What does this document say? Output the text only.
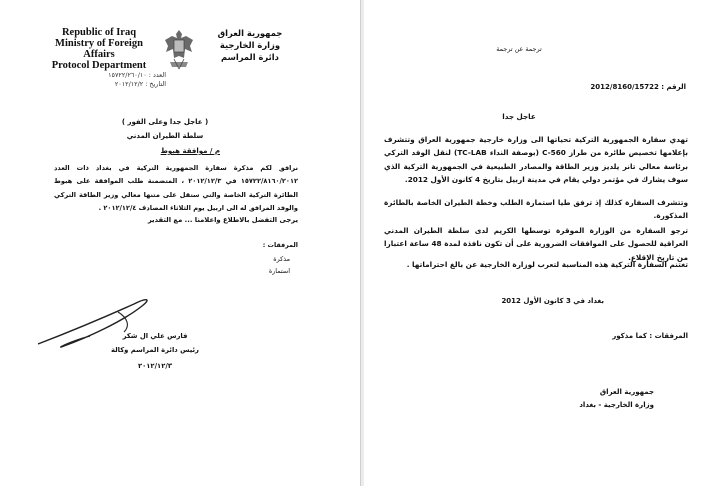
Republic of Iraq
Ministry of Foreign
Affairs
Protocol Department
العدد : ١٥٧٢٢/٢٦٠/١٠
التاريخ : ٢٠١٢/١٢/٢
جمهورية العراق
وزارة الخارجية
دائرة المراسم
( عاجل جدا وعلى الفور )
سلطة الطيران المدني
م / موافقة هبوط
نرافق لكم مذكرة سفارة الجمهورية التركية في بغداد ذات العدد ١٥٧٢٢/٨١٦٠/٢٠١٢ في ٢٠١٢/١٢/٣ ، المتضمنة طلب الموافقة على هبوط الطائرة التركية الخاصة والتي ستقل على متنها معالي وزير الطاقة التركي والوفد المرافق له الى اربيل يوم الثلاثاء المصادف ٢٠١٢/١٢/٤ .
يرجى التفضل بالاطلاع واعلامنا ... مع التقدير
المرفقات :
مذكرة
استمارة
فارس علي ال شكر
رئيس دائرة المراسم وكالة
٢٠١٢/١٢/٣
ترجمة عن ترجمة
الرقم : 2012/8160/15722
عاجل جدا
تهدي سفارة الجمهورية التركية تحياتها الى وزارة خارجية جمهورية العراق وتتشرف بإعلامها تخصيص طائرة من طراز C-560 (بوصفة النداء TC-LAB) لنقل الوفد التركي برئاسة معالي تانر يلديز وزير الطاقة والمصادر الطبيعية في الجمهورية التركية الذي سوف يشارك في مؤتمر دولي يقام في مدينة اربيل بتاريخ 4 كانون الأول 2012.
وتتشرف السفارة كذلك إذ ترفق طيا استمارة الطلب وخطة الطيران الخاصة بالطائرة المذكورة.
ترجو السفارة من الوزارة الموقرة توسطها الكريم لدى سلطة الطيران المدني العراقية للحصول على الموافقات الضرورية على أن تكون نافذة لمدة 48 ساعة اعتبارا من تاريخ الإقلاع.
تغتنم السفارة التركية هذه المناسبة لتعرب لوزارة الخارجية عن بالغ احتراماتها .
بغداد في 3 كانون الأول 2012
المرفقات : كما مذكور
جمهورية العراق
وزارة الخارجية - بغداد
